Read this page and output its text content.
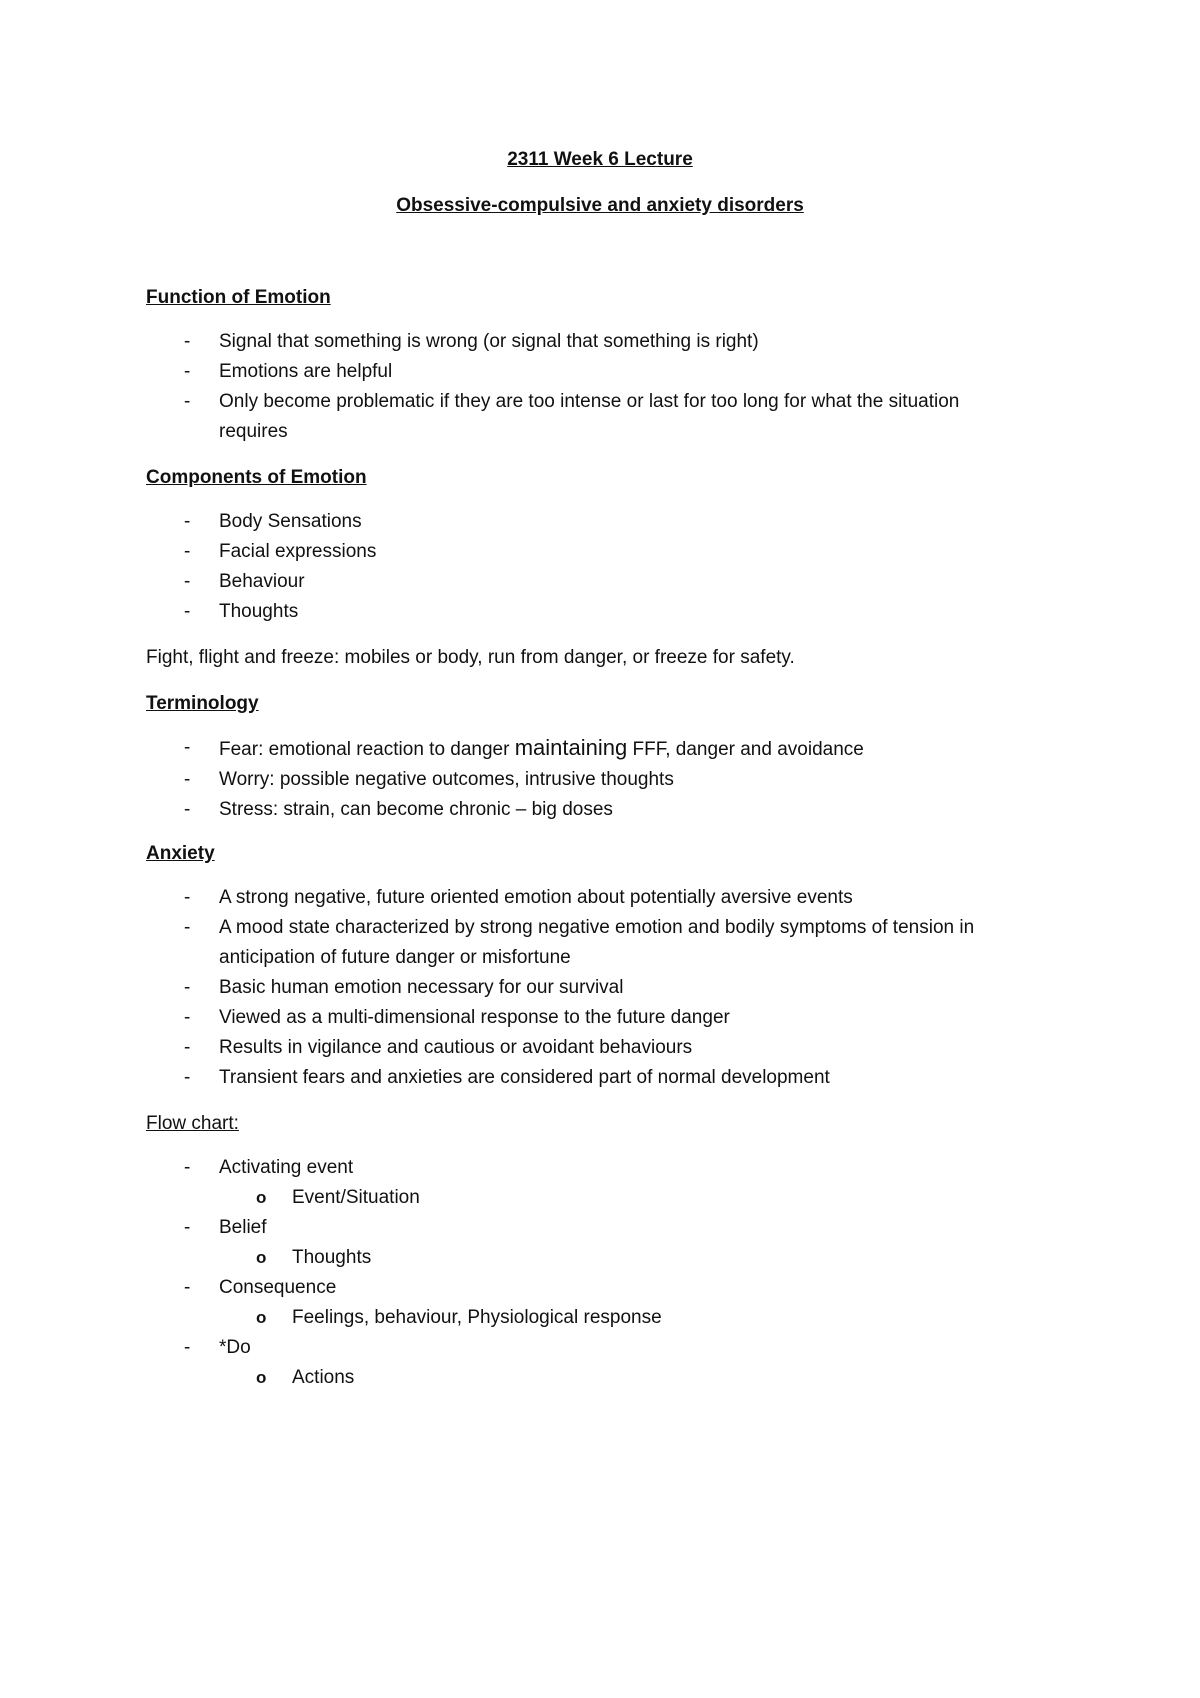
2311 Week 6 Lecture
Obsessive-compulsive and anxiety disorders
Function of Emotion
- Signal that something is wrong (or signal that something is right)
- Emotions are helpful
- Only become problematic if they are too intense or last for too long for what the situation
requires
Components of Emotion
- Body Sensations
- Facial expressions
- Behaviour
- Thoughts
Fight, flight and freeze: mobiles or body, run from danger, or freeze for safety.
Terminology
- Fear: emotional reaction to danger maintaining FFF, danger and avoidance
- Worry: possible negative outcomes, intrusive thoughts
- Stress: strain, can become chronic – big doses
Anxiety
- A strong negative, future oriented emotion about potentially aversive events
- A mood state characterized by strong negative emotion and bodily symptoms of tension in
anticipation of future danger or misfortune
- Basic human emotion necessary for our survival
- Viewed as a multi-dimensional response to the future danger
- Results in vigilance and cautious or avoidant behaviours
- Transient fears and anxieties are considered part of normal development
Flow chart:
- Activating event
o Event/Situation
- Belief
o Thoughts
- Consequence
o Feelings, behaviour, Physiological response
- *Do
o Actions
